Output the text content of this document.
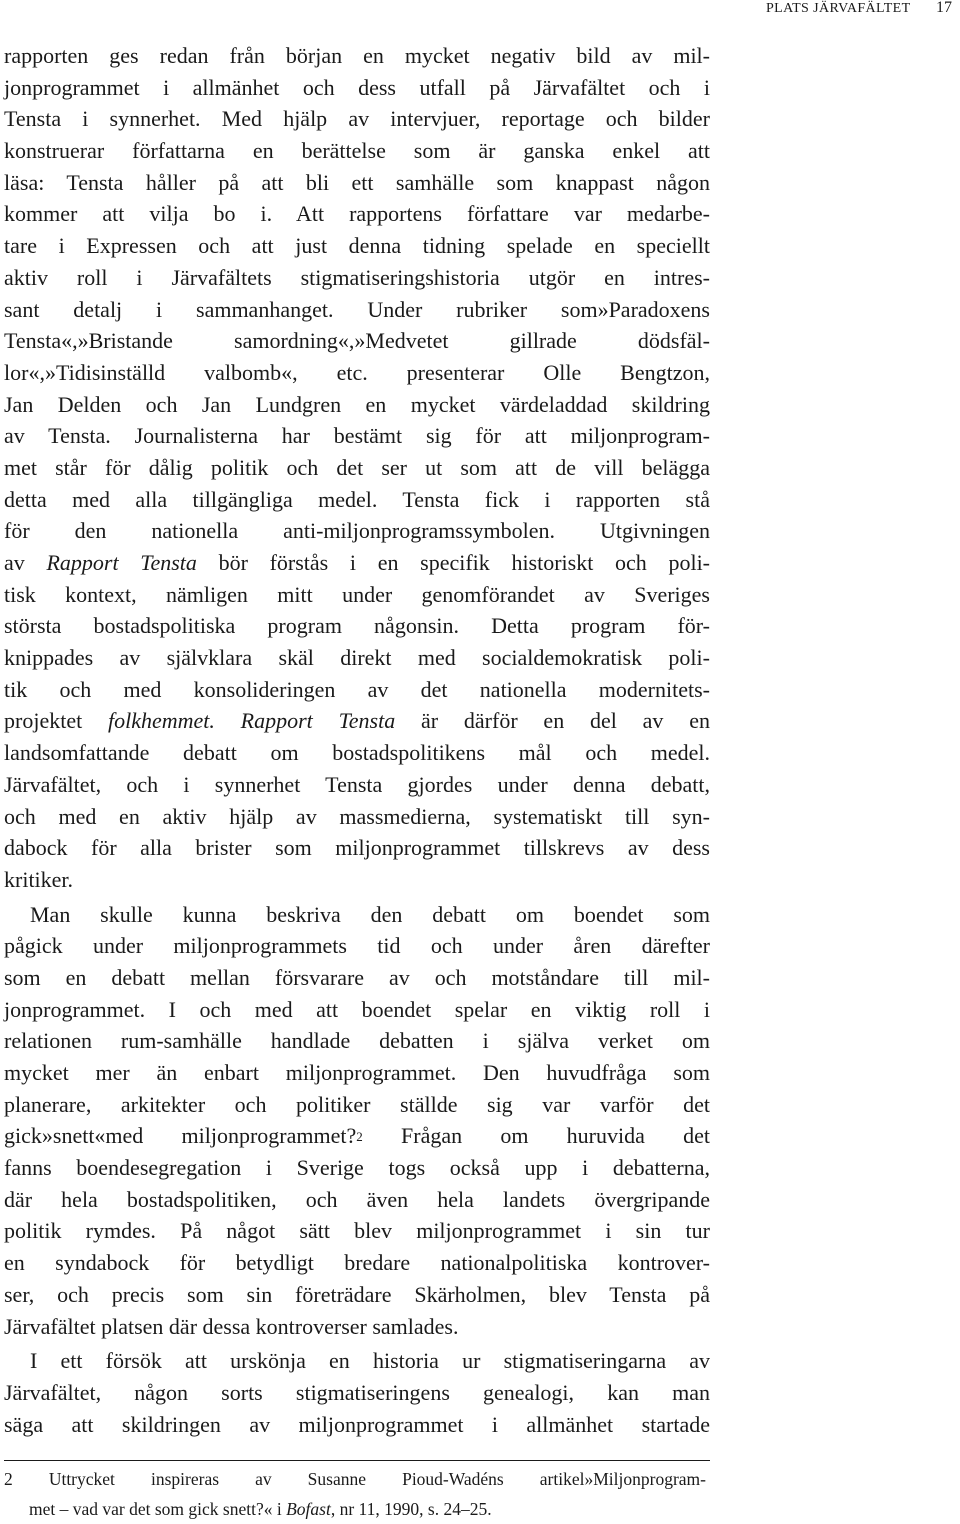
PLATS JÄRVAFÄLTET 17
rapporten ges redan från början en mycket negativ bild av mil-
jonprogrammet i allmänhet och dess utfall på Järvafältet och i
Tensta i synnerhet. Med hjälp av intervjuer, reportage och bilder
konstruerar författarna en berättelse som är ganska enkel att
läsa: Tensta håller på att bli ett samhälle som knappast någon
kommer att vilja bo i. Att rapportens författare var medarbe-
tare i Expressen och att just denna tidning spelade en speciellt
aktiv roll i Järvafältets stigmatiseringshistoria utgör en intres-
sant detalj i sammanhanget. Under rubriker som»Paradoxens
Tensta«,»Bristande samordning«,»Medvetet gillrade dödsfäl-
lor«,»Tidisinställd valbomb«, etc. presenterar Olle Bengtzon,
Jan Delden och Jan Lundgren en mycket värdeladdad skildring
av Tensta. Journalisterna har bestämt sig för att miljonprogram-
met står för dålig politik och det ser ut som att de vill belägga
detta med alla tillgängliga medel. Tensta fick i rapporten stå
för den nationella anti-miljonprogramssymbolen. Utgivningen
av Rapport Tensta bör förstås i en specifik historiskt och poli-
tisk kontext, nämligen mitt under genomförandet av Sveriges
största bostadspolitiska program någonsin. Detta program för-
knippades av självklara skäl direkt med socialdemokratisk poli-
tik och med konsolideringen av det nationella modernitets-
projektet folkhemmet. Rapport Tensta är därför en del av en
landsomfattande debatt om bostadspolitikens mål och medel.
Järvafältet, och i synnerhet Tensta gjordes under denna debatt,
och med en aktiv hjälp av massmedierna, systematiskt till syn-
dabock för alla brister som miljonprogrammet tillskrevs av dess
kritiker.
Man skulle kunna beskriva den debatt om boendet som
pågick under miljonprogrammets tid och under åren därefter
som en debatt mellan försvarare av och motståndare till mil-
jonprogrammet. I och med att boendet spelar en viktig roll i
relationen rum-samhälle handlade debatten i själva verket om
mycket mer än enbart miljonprogrammet. Den huvudfråga som
planerare, arkitekter och politiker ställde sig var varför det
gick»snett«med miljonprogrammet?$^2$ Frågan om huruvida det
fanns boendesegregation i Sverige togs också upp i debatterna,
där hela bostadspolitiken, och även hela landets övergripande
politik rymdes. På något sätt blev miljonprogrammet i sin tur
en syndabock för betydligt bredare nationalpolitiska kontrover-
ser, och precis som sin företrädare Skärholmen, blev Tensta på
Järvafältet platsen där dessa kontroverser samlades.
I ett försök att urskönja en historia ur stigmatiseringarna av
Järvafältet, någon sorts stigmatiseringens genealogi, kan man
säga att skildringen av miljonprogrammet i allmänhet startade
2 Uttrycket inspireras av Susanne Pioud-Wadéns artikel»Miljonprogram-
met – vad var det som gick snett?« i Bofast, nr 11, 1990, s. 24–25.
